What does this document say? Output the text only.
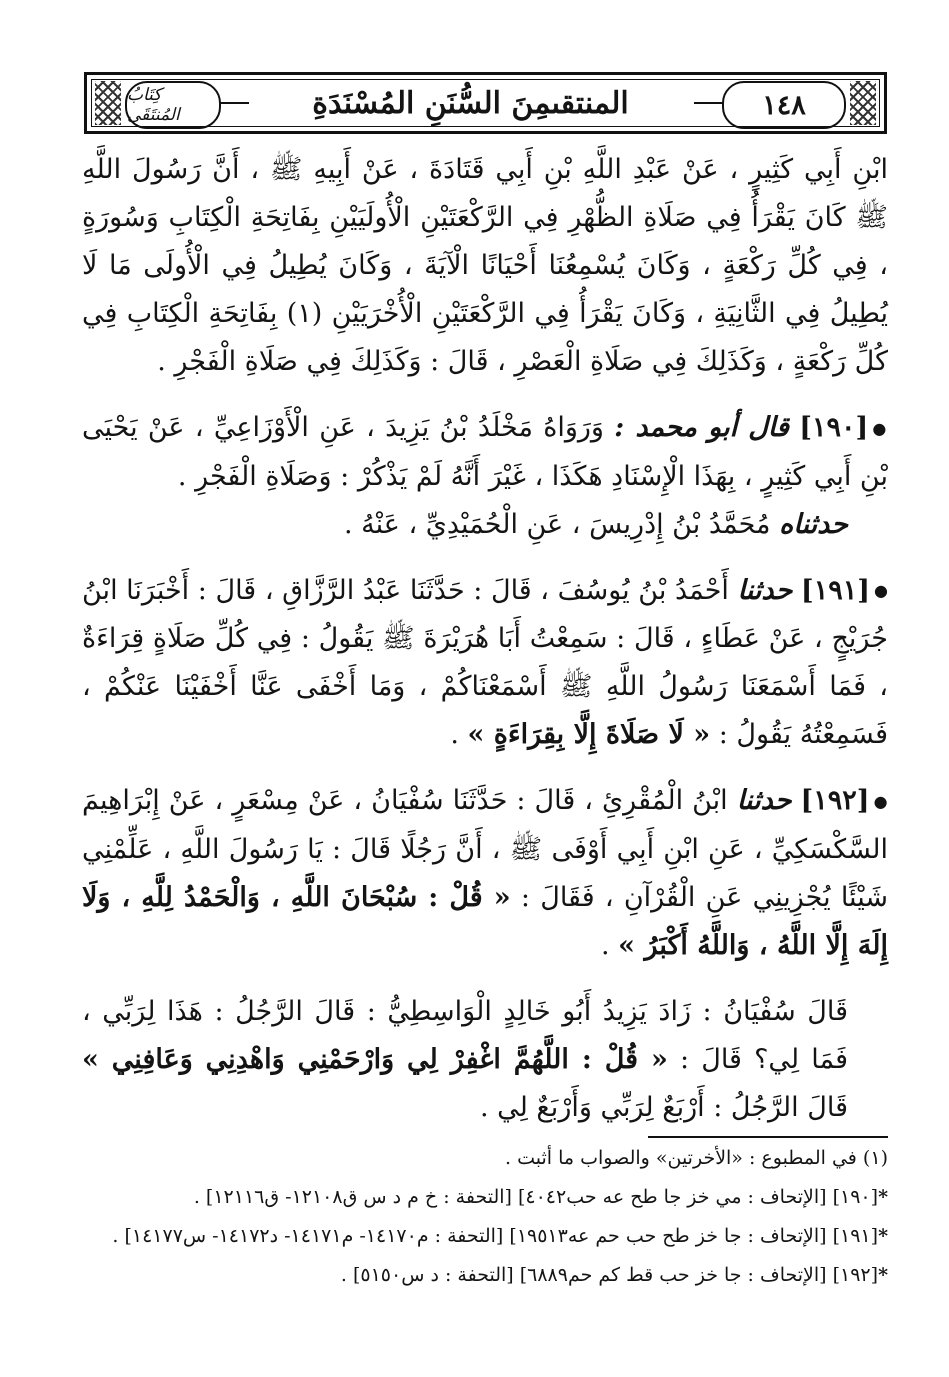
كِتَابُ المُنتَقَى	المنتقىمِنَ السُّنَنِ المُسْنَدَةِ	١٤٨

ابْنِ أَبِي كَثِيرٍ ، عَنْ عَبْدِ اللَّهِ بْنِ أَبِي قَتَادَةَ ، عَنْ أَبِيهِ ﷺ ، أَنَّ رَسُولَ اللَّهِ ﷺ كَانَ يَقْرَأُ فِي صَلَاةِ الظُّهْرِ فِي الرَّكْعَتَيْنِ الْأُولَيَيْنِ بِفَاتِحَةِ الْكِتَابِ وَسُورَةٍ ، فِي كُلِّ رَكْعَةٍ ، وَكَانَ يُسْمِعُنَا أَحْيَانًا الْآيَةَ ، وَكَانَ يُطِيلُ فِي الْأُولَى مَا لَا يُطِيلُ فِي الثَّانِيَةِ ، وَكَانَ يَقْرَأُ فِي الرَّكْعَتَيْنِ الْأُخْرَيَيْنِ (١) بِفَاتِحَةِ الْكِتَابِ فِي كُلِّ رَكْعَةٍ ، وَكَذَلِكَ فِي صَلَاةِ الْعَصْرِ ، قَالَ : وَكَذَلِكَ فِي صَلَاةِ الْفَجْرِ .

●[١٩٠] قال أبو محمد : وَرَوَاهُ مَخْلَدُ بْنُ يَزِيدَ ، عَنِ الْأَوْزَاعِيِّ ، عَنْ يَحْيَى بْنِ أَبِي كَثِيرٍ ، بِهَذَا الْإِسْنَادِ هَكَذَا ، غَيْرَ أَنَّهُ لَمْ يَذْكُرْ : وَصَلَاةِ الْفَجْرِ .

حدثناه مُحَمَّدُ بْنُ إِدْرِيسَ ، عَنِ الْحُمَيْدِيِّ ، عَنْهُ .

●[١٩١] حدثنا أَحْمَدُ بْنُ يُوسُفَ ، قَالَ : حَدَّثَنَا عَبْدُ الرَّزَّاقِ ، قَالَ : أَخْبَرَنَا ابْنُ جُرَيْجٍ ، عَنْ عَطَاءٍ ، قَالَ : سَمِعْتُ أَبَا هُرَيْرَةَ ﷺ يَقُولُ : فِي كُلِّ صَلَاةٍ قِرَاءَةٌ ، فَمَا أَسْمَعَنَا رَسُولُ اللَّهِ ﷺ أَسْمَعْنَاكُمْ ، وَمَا أَخْفَى عَنَّا أَخْفَيْنَا عَنْكُمْ ، فَسَمِعْتُهُ يَقُولُ : « لَا صَلَاةَ إِلَّا بِقِرَاءَةٍ » .

●[١٩٢] حدثنا ابْنُ الْمُقْرِئِ ، قَالَ : حَدَّثَنَا سُفْيَانُ ، عَنْ مِسْعَرٍ ، عَنْ إِبْرَاهِيمَ السَّكْسَكِيِّ ، عَنِ ابْنِ أَبِي أَوْفَى ﷺ ، أَنَّ رَجُلًا قَالَ : يَا رَسُولَ اللَّهِ ، عَلِّمْنِي شَيْئًا يُجْزِينِي عَنِ الْقُرْآنِ ، فَقَالَ : « قُلْ : سُبْحَانَ اللَّهِ ، وَالْحَمْدُ لِلَّهِ ، وَلَا إِلَهَ إِلَّا اللَّهُ ، وَاللَّهُ أَكْبَرُ » .

قَالَ سُفْيَانُ : زَادَ يَزِيدُ أَبُو خَالِدٍ الْوَاسِطِيُّ : قَالَ الرَّجُلُ : هَذَا لِرَبِّي ، فَمَا لِي؟ قَالَ : « قُلْ : اللَّهُمَّ اغْفِرْ لِي وَارْحَمْنِي وَاهْدِنِي وَعَافِنِي » قَالَ الرَّجُلُ : أَرْبَعٌ لِرَبِّي وَأَرْبَعٌ لِي .

(١) في المطبوع : «الأخرتين» والصواب ما أثبت .

*[١٩٠] [الإتحاف : مي خز جا طح عه حب٤٠٤٢] [التحفة : خ م د س ق١٢١٠٨- ق١٢١١٦] .

*[١٩١] [الإتحاف : جا خز طح حب حم عه١٩٥١٣] [التحفة : م١٤١٧٠- م١٤١٧١- د١٤١٧٢- س١٤١٧٧] .

*[١٩٢] [الإتحاف : جا خز حب قط كم حم٦٨٨٩] [التحفة : د س٥١٥٠] .
